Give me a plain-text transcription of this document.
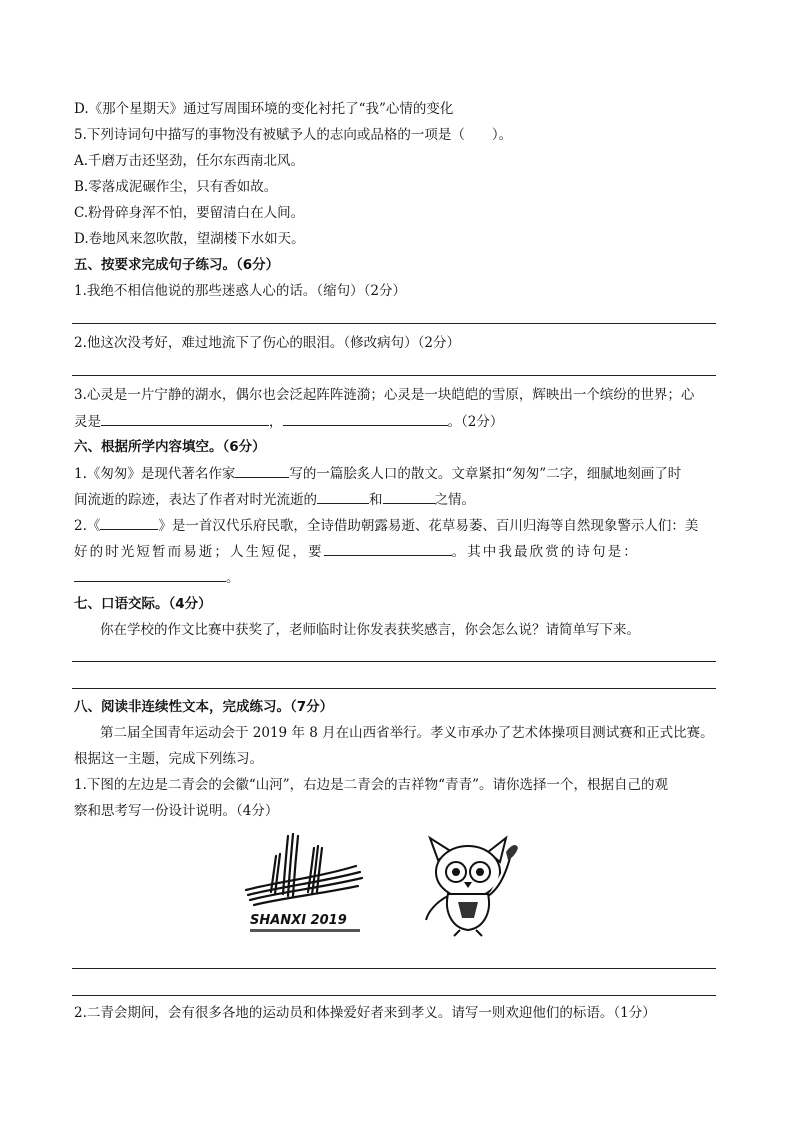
D.《那个星期天》通过写周围环境的变化衬托了“我”心情的变化
5.下列诗词句中描写的事物没有被赋予人的志向或品格的一项是（　　）。
A.千磨万击还坚劲，任尔东西南北风。
B.零落成泥碾作尘，只有香如故。
C.粉骨碎身浑不怕，要留清白在人间。
D.卷地风来忽吹散，望湖楼下水如天。
五、按要求完成句子练习。（6分）
1.我绝不相信他说的那些迷惑人心的话。（缩句）（2分）
2.他这次没考好，难过地流下了伤心的眼泪。（修改病句）（2分）
3.心灵是一片宁静的湖水，偶尔也会泛起阵阵涟漪；心灵是一块皑皑的雪原，辉映出一个缤纷的世界；心
灵是	，	。（2分）
六、根据所学内容填空。（6分）
1.《匆匆》是现代著名作家	写的一篇脍炙人口的散文。文章紧扣“匆匆”二字，细腻地刻画了时
间流逝的踪迹，表达了作者对时光流逝的	和	之情。
2.《	》是一首汉代乐府民歌，全诗借助朝露易逝、花草易萎、百川归海等自然现象警示人们：美
好的时光短暂而易逝；人生短促，要	。其中我最欣赏的诗句是：
。
七、口语交际。（4分）
你在学校的作文比赛中获奖了，老师临时让你发表获奖感言，你会怎么说？请简单写下来。
八、阅读非连续性文本，完成练习。（7分）
第二届全国青年运动会于 2019 年 8 月在山西省举行。孝义市承办了艺术体操项目测试赛和正式比赛。
根据这一主题，完成下列练习。
1.下图的左边是二青会的会徽“山河”，右边是二青会的吉祥物“青青”。请你选择一个，根据自己的观
察和思考写一份设计说明。（4分）
SHANXI 2019
2.二青会期间，会有很多各地的运动员和体操爱好者来到孝义。请写一则欢迎他们的标语。（1分）
